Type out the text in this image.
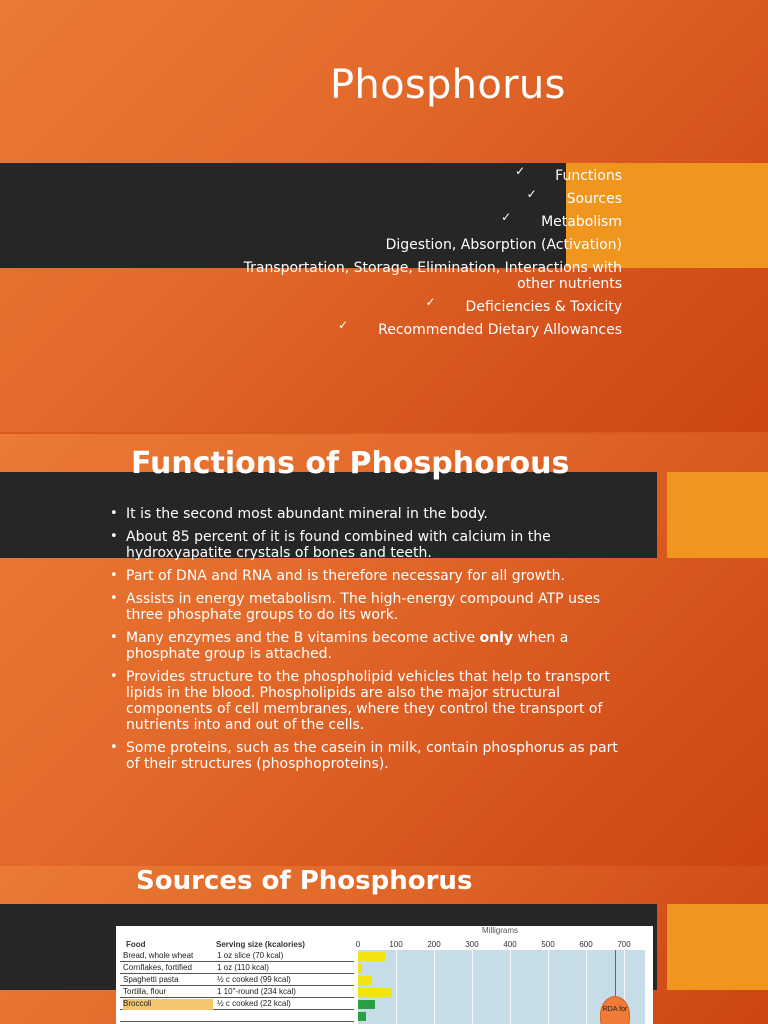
Phosphorus
✓ Functions
✓ Sources
✓ Metabolism
Digestion, Absorption (Activation)
Transportation, Storage, Elimination, Interactions with other nutrients
✓ Deficiencies & Toxicity
✓ Recommended Dietary Allowances
Functions of Phosphorous
• It is the second most abundant mineral in the body.
• About 85 percent of it is found combined with calcium in the hydroxyapatite crystals of bones and teeth.
• Part of DNA and RNA and is therefore necessary for all growth.
• Assists in energy metabolism. The high-energy compound ATP uses three phosphate groups to do its work.
• Many enzymes and the B vitamins become active only when a phosphate group is attached.
• Provides structure to the phospholipid vehicles that help to transport lipids in the blood. Phospholipids are also the major structural components of cell membranes, where they control the transport of nutrients into and out of the cells.
• Some proteins, such as the casein in milk, contain phosphorus as part of their structures (phosphoproteins).
Sources of Phosphorus
Milligrams
Food	Serving size (kcalories)
Bread, whole wheat	1 oz slice (70 kcal)
Cornflakes, fortified	1 oz (110 kcal)
Spaghetti pasta	½ c cooked (99 kcal)
Tortilla, flour	1 10"-round (234 kcal)
Broccoli	½ c cooked (22 kcal)
RDA for
0	100	200	300	400	500	600	700
